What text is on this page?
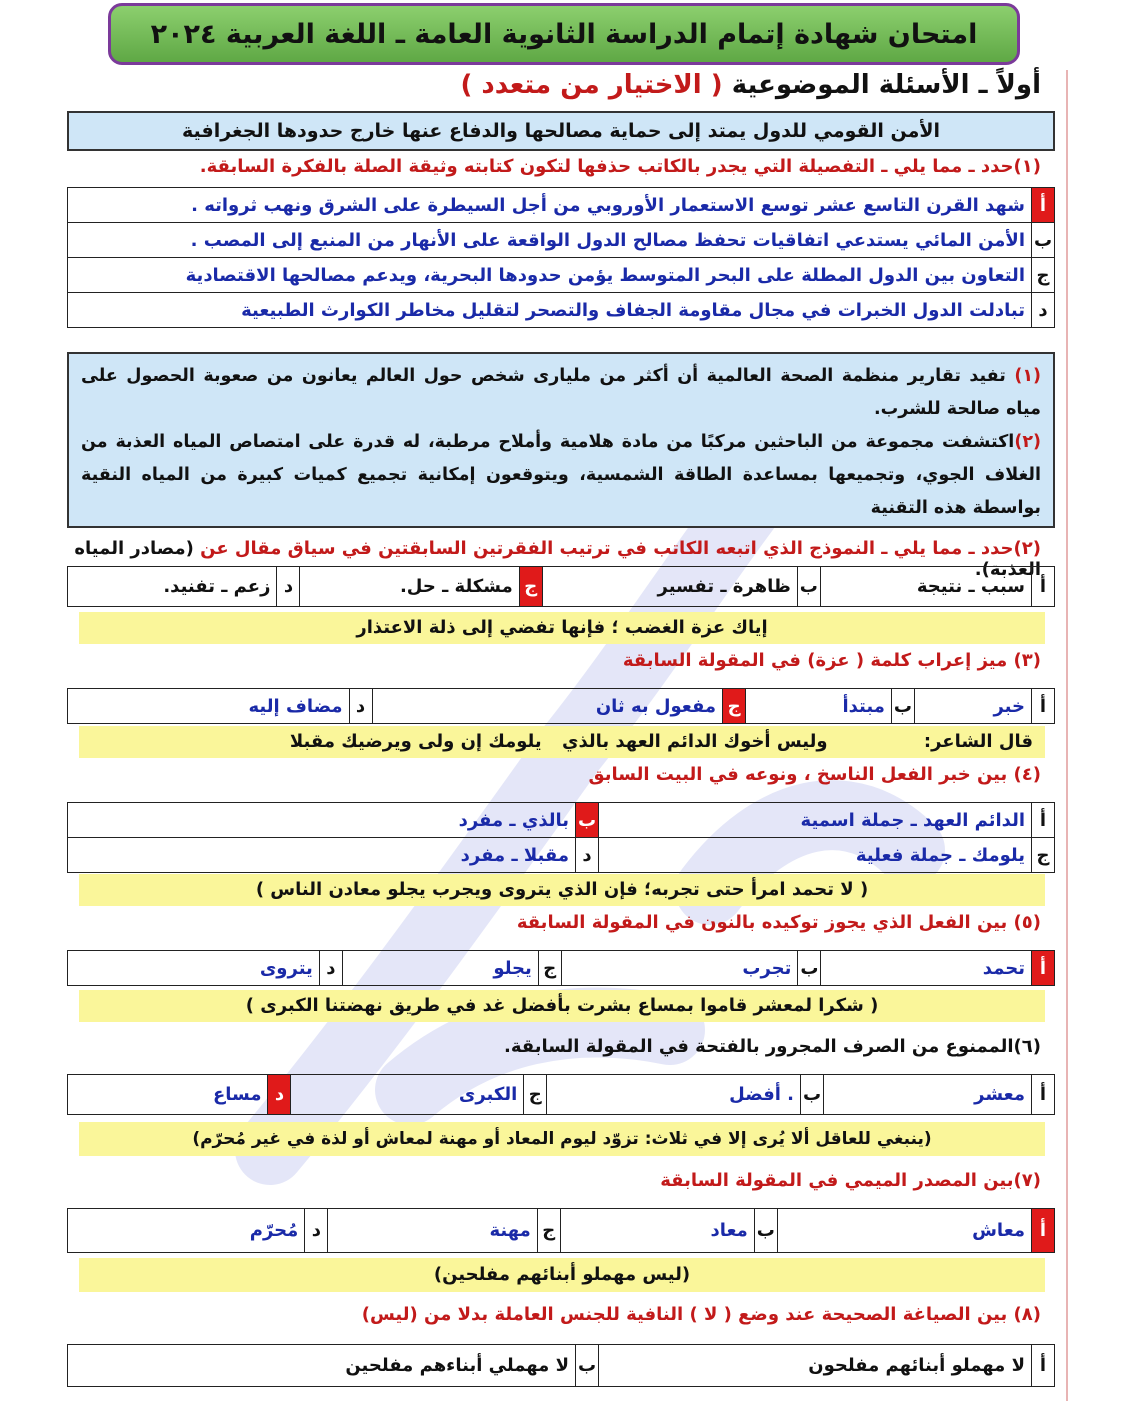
امتحان شهادة إتمام الدراسة الثانوية العامة ـ اللغة العربية ٢٠٢٤
أولاً ـ الأسئلة الموضوعية ( الاختيار من متعدد )
الأمن القومي للدول يمتد إلى حماية مصالحها والدفاع عنها خارج حدودها الجغرافية
(١)حدد ـ مما يلي ـ التفصيلة التي يجدر بالكاتب حذفها لتكون كتابته وثيقة الصلة بالفكرة السابقة.
أ	شهد القرن التاسع عشر توسع الاستعمار الأوروبي من أجل السيطرة على الشرق ونهب ثرواته .
ب	الأمن المائي يستدعي اتفاقيات تحفظ مصالح الدول الواقعة على الأنهار من المنبع إلى المصب .
ج	التعاون بين الدول المطلة على البحر المتوسط يؤمن حدودها البحرية، ويدعم مصالحها الاقتصادية
د	تبادلت الدول الخبرات في مجال مقاومة الجفاف والتصحر لتقليل مخاطر الكوارث الطبيعية
(١) تفيد تقارير منظمة الصحة العالمية أن أكثر من مليارى شخص حول العالم يعانون من صعوبة الحصول على مياه صالحة للشرب.
(٢)اكتشفت مجموعة من الباحثين مركبًا من مادة هلامية وأملاح مرطبة، له قدرة على امتصاص المياه العذبة من الغلاف الجوي، وتجميعها بمساعدة الطاقة الشمسية، ويتوقعون إمكانية تجميع كميات كبيرة من المياه النقية بواسطة هذه التقنية
(٢)حدد ـ مما يلي ـ النموذج الذي اتبعه الكاتب في ترتيب الفقرتين السابقتين في سياق مقال عن (مصادر المياه العذبة).
أ	سبب ـ نتيجة	ب	ظاهرة ـ تفسير	ج	مشكلة ـ حل.	د	زعم ـ تفنيد.
إياك عزة الغضب ؛ فإنها تفضي إلى ذلة الاعتذار
(٣) ميز إعراب كلمة ( عزة) في المقولة السابقة
أ	خبر	ب	مبتدأ	ج	مفعول به ثان	د	مضاف إليه
قال الشاعر: وليس أخوك الدائم العهد بالذي يلومك إن ولى ويرضيك مقبلا
(٤) بين خبر الفعل الناسخ ، ونوعه في البيت السابق
أ	الدائم العهد ـ جملة اسمية	ب	بالذي ـ مفرد
ج	يلومك ـ جملة فعلية	د	مقبلا ـ مفرد
( لا تحمد امرأ حتى تجربه؛ فإن الذي يتروى ويجرب يجلو معادن الناس )
(٥) بين الفعل الذي يجوز توكيده بالنون في المقولة السابقة
أ	تحمد	ب	تجرب	ج	يجلو	د	يتروى
( شكرا لمعشر قاموا بمساع بشرت بأفضل غد في طريق نهضتنا الكبرى )
(٦)الممنوع من الصرف المجرور بالفتحة في المقولة السابقة.
أ	معشر	ب	. أفضل	ج	الكبرى	د	مساع
(ينبغي للعاقل ألا يُرى إلا في ثلاث: تزوّد ليوم المعاد أو مهنة لمعاش أو لذة في غير مُحرّم)
(٧)بين المصدر الميمي في المقولة السابقة
أ	معاش	ب	معاد	ج	مهنة	د	مُحرّم
(ليس مهملو أبنائهم مفلحين)
(٨) بين الصياغة الصحيحة عند وضع ( لا ) النافية للجنس العاملة بدلا من (ليس)
أ	لا مهملو أبنائهم مفلحون	ب	لا مهملي أبناءهم مفلحين
